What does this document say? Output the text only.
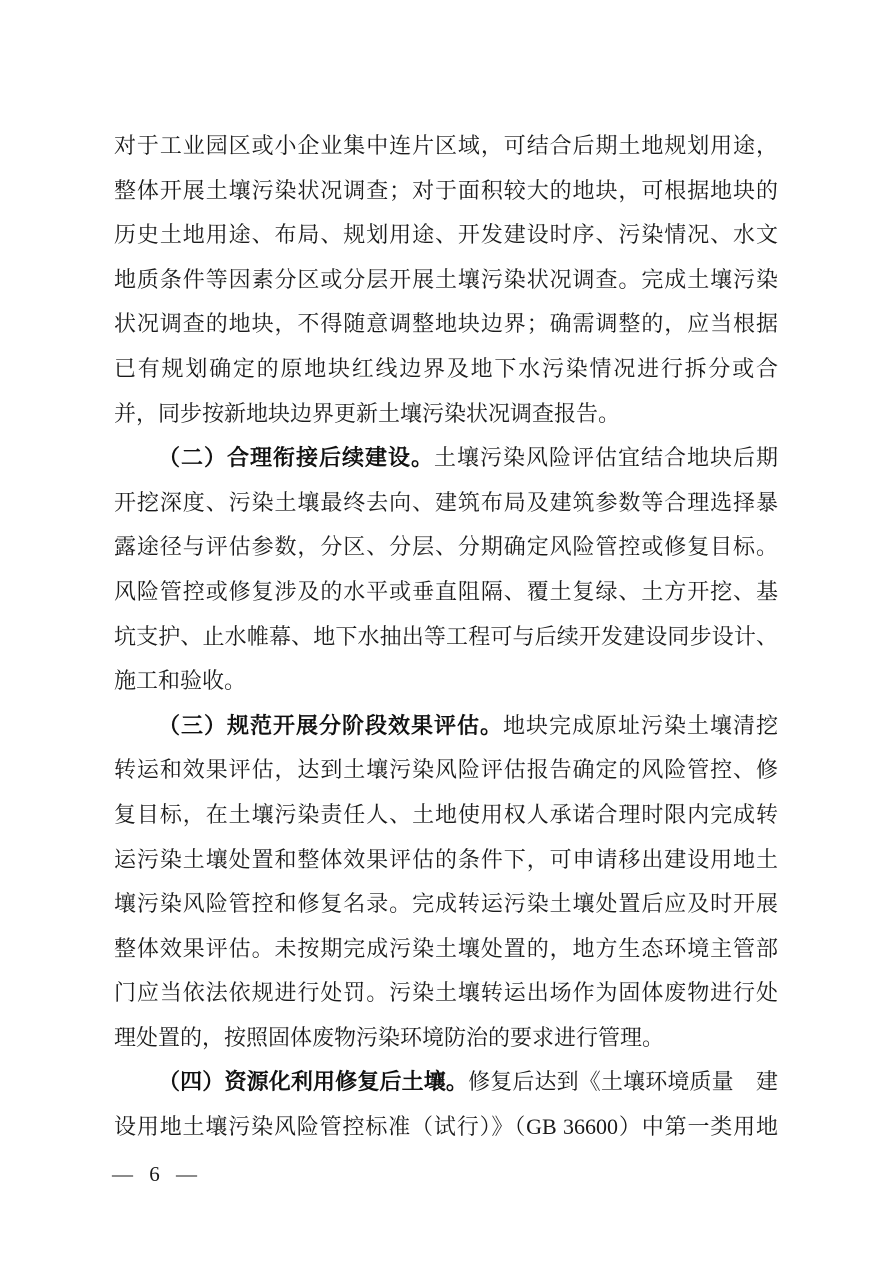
对于工业园区或小企业集中连片区域，可结合后期土地规划用途，
整体开展土壤污染状况调查；对于面积较大的地块，可根据地块的
历史土地用途、布局、规划用途、开发建设时序、污染情况、水文
地质条件等因素分区或分层开展土壤污染状况调查。完成土壤污染
状况调查的地块，不得随意调整地块边界；确需调整的，应当根据
已有规划确定的原地块红线边界及地下水污染情况进行拆分或合
并，同步按新地块边界更新土壤污染状况调查报告。
（二）合理衔接后续建设。土壤污染风险评估宜结合地块后期
开挖深度、污染土壤最终去向、建筑布局及建筑参数等合理选择暴
露途径与评估参数，分区、分层、分期确定风险管控或修复目标。
风险管控或修复涉及的水平或垂直阻隔、覆土复绿、土方开挖、基
坑支护、止水帷幕、地下水抽出等工程可与后续开发建设同步设计、
施工和验收。
（三）规范开展分阶段效果评估。地块完成原址污染土壤清挖
转运和效果评估，达到土壤污染风险评估报告确定的风险管控、修
复目标，在土壤污染责任人、土地使用权人承诺合理时限内完成转
运污染土壤处置和整体效果评估的条件下，可申请移出建设用地土
壤污染风险管控和修复名录。完成转运污染土壤处置后应及时开展
整体效果评估。未按期完成污染土壤处置的，地方生态环境主管部
门应当依法依规进行处罚。污染土壤转运出场作为固体废物进行处
理处置的，按照固体废物污染环境防治的要求进行管理。
（四）资源化利用修复后土壤。修复后达到《土壤环境质量　建
设用地土壤污染风险管控标准（试行）》（GB 36600）中第一类用地
— 6 —
